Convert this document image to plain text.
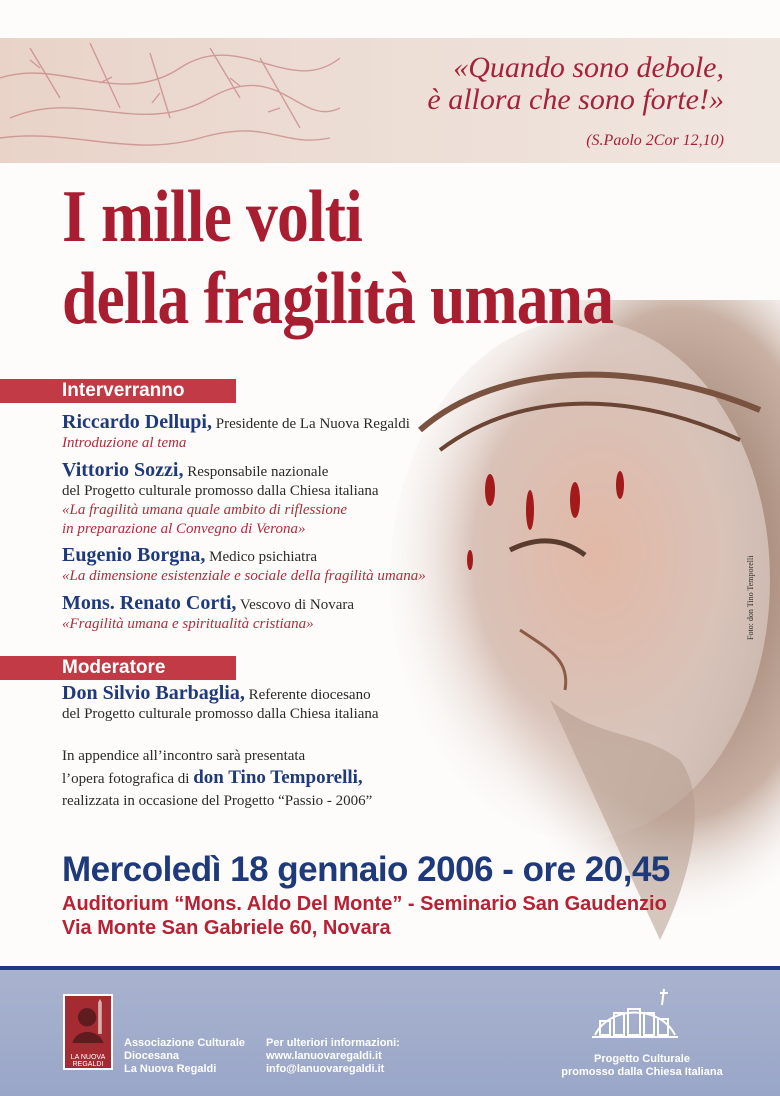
«Quando sono debole,
è allora che sono forte!»
(S.Paolo 2Cor 12,10)
I mille volti
della fragilità umana
Interverranno
Riccardo Dellupi, Presidente de La Nuova Regaldi
Introduzione al tema
Vittorio Sozzi, Responsabile nazionale
del Progetto culturale promosso dalla Chiesa italiana
«La fragilità umana quale ambito di riflessione
in preparazione al Convegno di Verona»
Eugenio Borgna, Medico psichiatra
«La dimensione esistenziale e sociale della fragilità umana»
Mons. Renato Corti, Vescovo di Novara
«Fragilità umana e spiritualità cristiana»
Moderatore
Don Silvio Barbaglia, Referente diocesano
del Progetto culturale promosso dalla Chiesa italiana
In appendice all’incontro sarà presentata
l’opera fotografica di don Tino Temporelli,
realizzata in occasione del Progetto “Passio - 2006”
Mercoledì 18 gennaio 2006 - ore 20,45
Auditorium “Mons. Aldo Del Monte” - Seminario San Gaudenzio
Via Monte San Gabriele 60, Novara
Foto: don Tino Temporelli
LA NUOVA REGALDI
Associazione Culturale
Diocesana
La Nuova Regaldi
Per ulteriori informazioni:
www.lanuovaregaldi.it
info@lanuovaregaldi.it
Progetto Culturale
promosso dalla Chiesa Italiana
